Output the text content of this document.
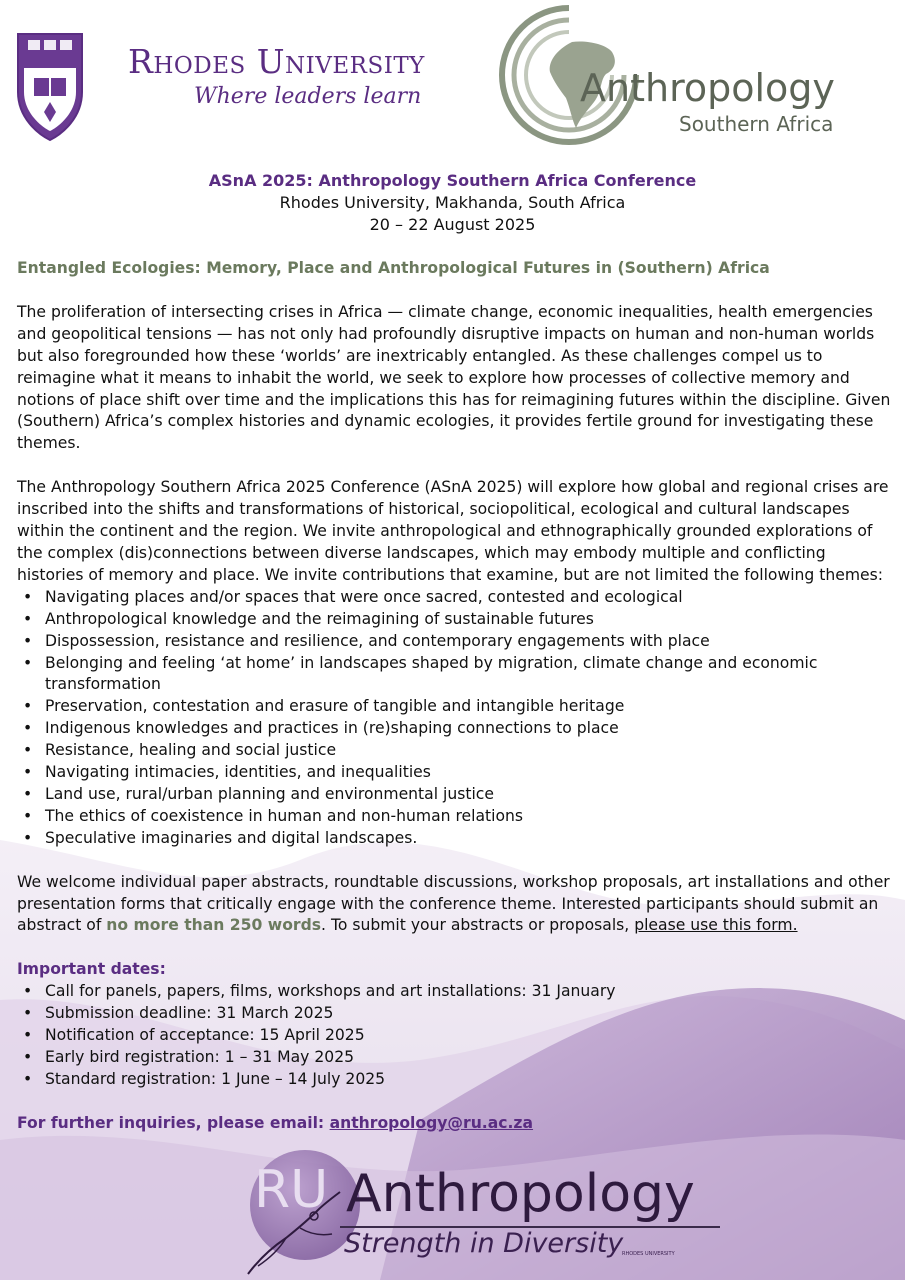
Rhodes University
Where leaders learn	Anthropology
Southern Africa
ASnA 2025: Anthropology Southern Africa Conference
Rhodes University, Makhanda, South Africa
20 – 22 August 2025

Entangled Ecologies: Memory, Place and Anthropological Futures in (Southern) Africa

The proliferation of intersecting crises in Africa — climate change, economic inequalities, health emergencies and geopolitical tensions — has not only had profoundly disruptive impacts on human and non-human worlds but also foregrounded how these ‘worlds’ are inextricably entangled. As these challenges compel us to reimagine what it means to inhabit the world, we seek to explore how processes of collective memory and notions of place shift over time and the implications this has for reimagining futures within the discipline. Given (Southern) Africa’s complex histories and dynamic ecologies, it provides fertile ground for investigating these themes.

The Anthropology Southern Africa 2025 Conference (ASnA 2025) will explore how global and regional crises are inscribed into the shifts and transformations of historical, sociopolitical, ecological and cultural landscapes within the continent and the region. We invite anthropological and ethnographically grounded explorations of the complex (dis)connections between diverse landscapes, which may embody multiple and conflicting histories of memory and place. We invite contributions that examine, but are not limited the following themes:

• Navigating places and/or spaces that were once sacred, contested and ecological
• Anthropological knowledge and the reimagining of sustainable futures
• Dispossession, resistance and resilience, and contemporary engagements with place
• Belonging and feeling ‘at home’ in landscapes shaped by migration, climate change and economic transformation
• Preservation, contestation and erasure of tangible and intangible heritage
• Indigenous knowledges and practices in (re)shaping connections to place
• Resistance, healing and social justice
• Navigating intimacies, identities, and inequalities
• Land use, rural/urban planning and environmental justice
• The ethics of coexistence in human and non-human relations
• Speculative imaginaries and digital landscapes.

We welcome individual paper abstracts, roundtable discussions, workshop proposals, art installations and other presentation forms that critically engage with the conference theme. Interested participants should submit an abstract of no more than 250 words. To submit your abstracts or proposals, please use this form.

Important dates:

• Call for panels, papers, films, workshops and art installations: 31 January
• Submission deadline: 31 March 2025
• Notification of acceptance: 15 April 2025
• Early bird registration: 1 – 31 May 2025
• Standard registration: 1 June – 14 July 2025

For further inquiries, please email: anthropology@ru.ac.za

RU Anthropology
Strength in Diversity
RHODES UNIVERSITY
